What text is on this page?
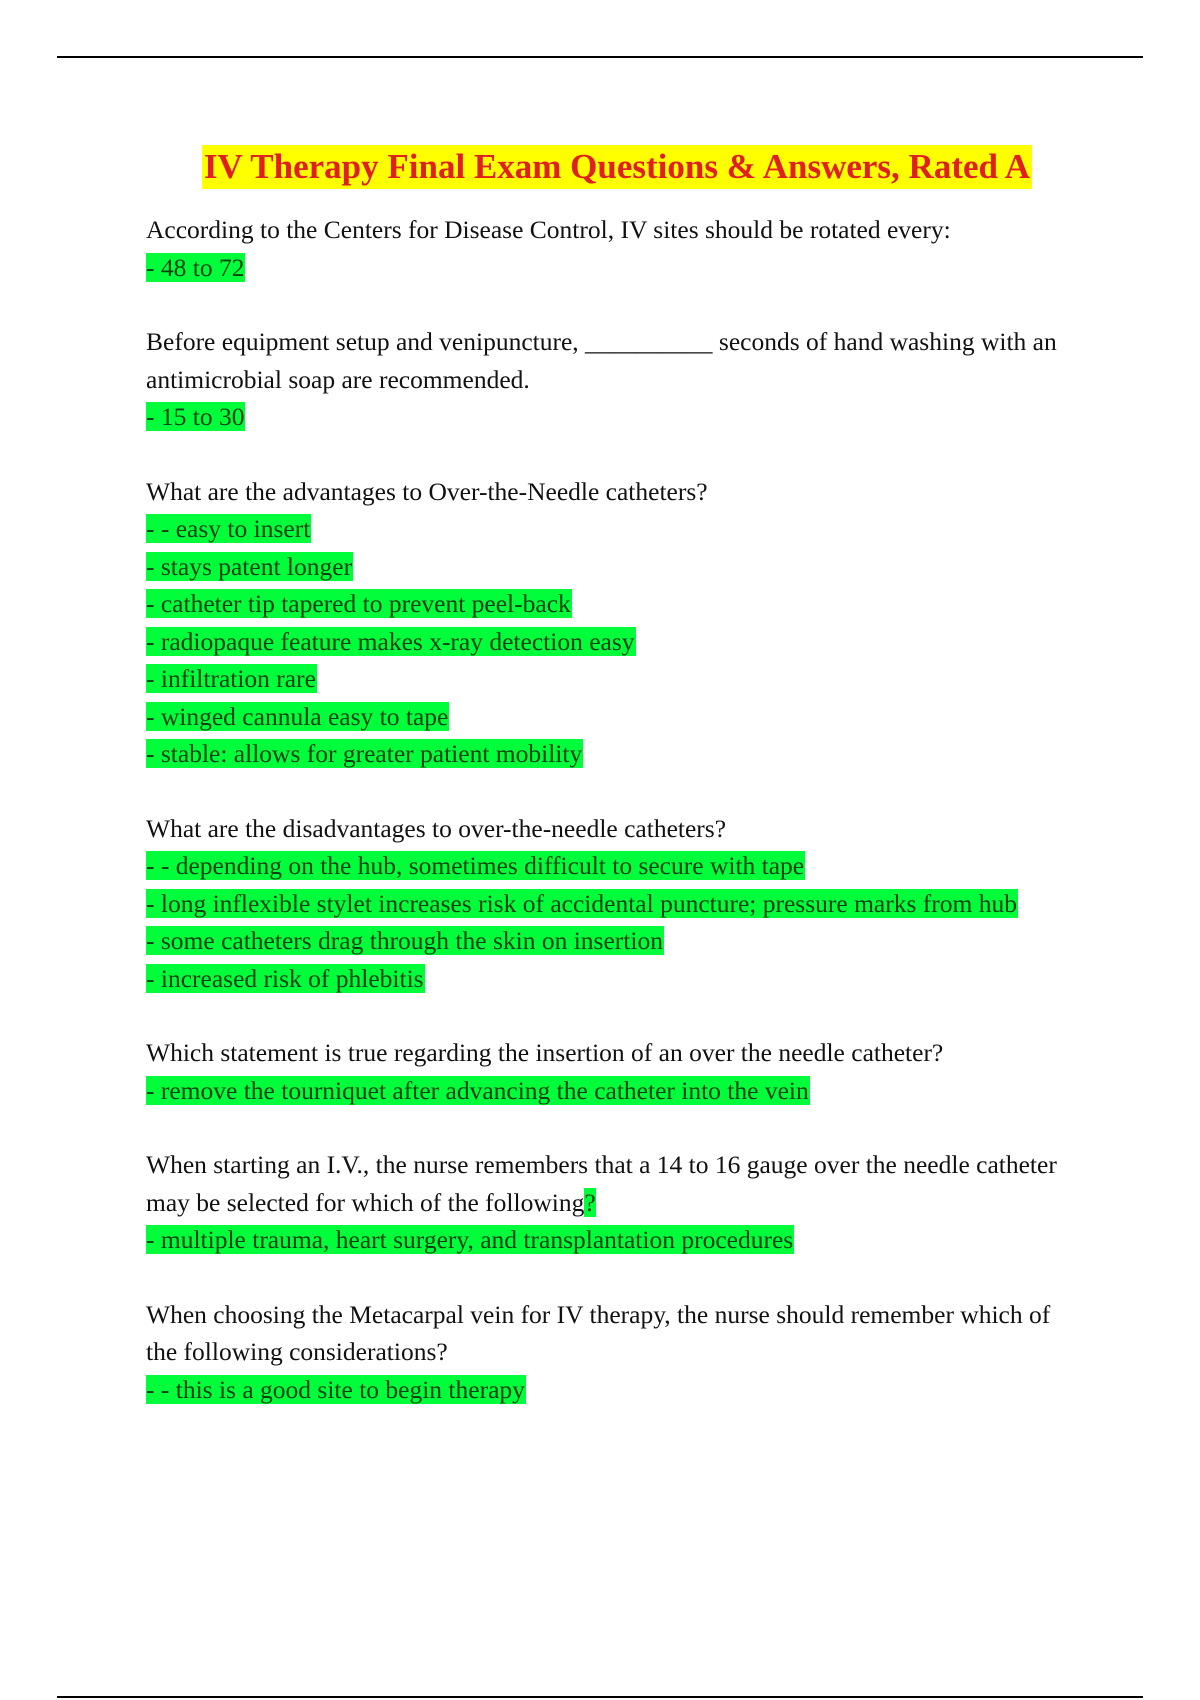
IV Therapy Final Exam Questions & Answers, Rated A

According to the Centers for Disease Control, IV sites should be rotated every:

- 48 to 72

Before equipment setup and venipuncture, __________ seconds of hand washing with an antimicrobial soap are recommended.

- 15 to 30

What are the advantages to Over-the-Needle catheters?

- - easy to insert

- stays patent longer

- catheter tip tapered to prevent peel-back

- radiopaque feature makes x-ray detection easy

- infiltration rare

- winged cannula easy to tape

- stable: allows for greater patient mobility

What are the disadvantages to over-the-needle catheters?

- - depending on the hub, sometimes difficult to secure with tape

- long inflexible stylet increases risk of accidental puncture; pressure marks from hub

- some catheters drag through the skin on insertion

- increased risk of phlebitis

Which statement is true regarding the insertion of an over the needle catheter?

- remove the tourniquet after advancing the catheter into the vein

When starting an I.V., the nurse remembers that a 14 to 16 gauge over the needle catheter may be selected for which of the following?

- multiple trauma, heart surgery, and transplantation procedures

When choosing the Metacarpal vein for IV therapy, the nurse should remember which of the following considerations?

- - this is a good site to begin therapy
